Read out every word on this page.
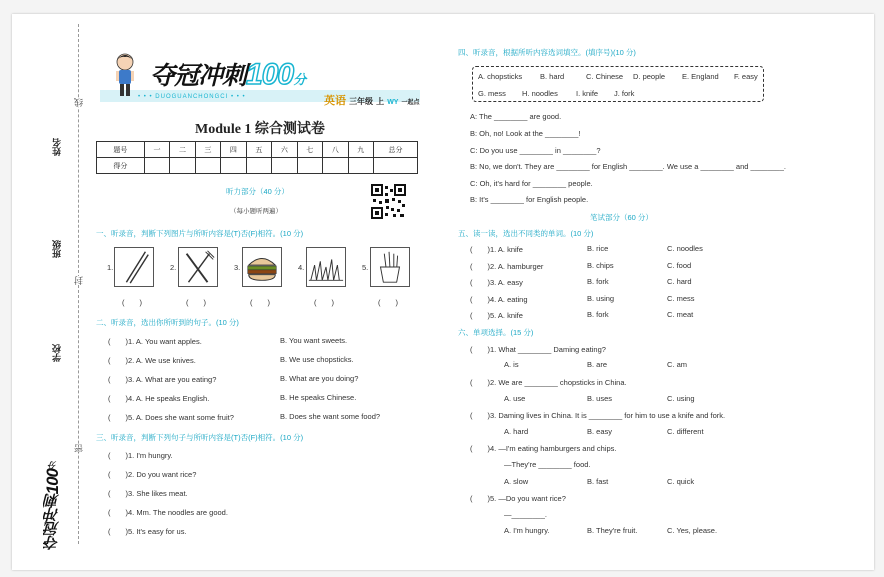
姓名
班级
学校
线
封
密
夺冠冲刺100分
夺冠冲刺100分
• • • DUOGUANCHONGCI • • •	英语 三年级 上 WY 一起点
Module 1 综合测试卷
题号	一	二	三	四	五	六	七	八	九	总分
得分										
听力部分（40 分）
（每小题听两遍）
一、听录音，判断下列图片与所听内容是(T)否(F)相符。(10 分)
1.	2.	3.	4.	5.
(　　)	(　　)	(　　)	(　　)	(　　)
二、听录音，选出你所听到的句子。(10 分)
(　　)1. A. You want apples.	B. You want sweets.
(　　)2. A. We use knives.	B. We use chopsticks.
(　　)3. A. What are you eating?	B. What are you doing?
(　　)4. A. He speaks English.	B. He speaks Chinese.
(　　)5. A. Does she want some fruit?	B. Does she want some food?
三、听录音，判断下列句子与所听内容是(T)否(F)相符。(10 分)
(　　)1. I'm hungry.
(　　)2. Do you want rice?
(　　)3. She likes meat.
(　　)4. Mm. The noodles are good.
(　　)5. It's easy for us.
四、听录音，根据所听内容选词填空。(填序号)(10 分)
A. chopsticks B. hard	C. Chinese D. people E. England F. easy
G. mess H. noodles I. knife J. fork
A: The ________ are good.
B: Oh, no! Look at the ________!
C: Do you use ________ in ________?
B: No, we don't. They are ________ for English ________. We use a ________ and ________.
C: Oh, it's hard for ________ people.
B: It's ________ for English people.
笔试部分（60 分）
五、读一读，选出不同类的单词。(10 分)
(　　)1. A. knife	B. rice	C. noodles
(　　)2. A. hamburger	B. chips	C. food
(　　)3. A. easy	B. fork	C. hard
(　　)4. A. eating	B. using	C. mess
(　　)5. A. knife	B. fork	C. meat
六、单项选择。(15 分)
(　　)1. What ________ Daming eating?
A. is	B. are	C. am
(　　)2. We are ________ chopsticks in China.
A. use	B. uses	C. using
(　　)3. Daming lives in China. It is ________ for him to use a knife and fork.
A. hard	B. easy	C. different
(　　)4. —I'm eating hamburgers and chips.
—They're ________ food.
A. slow	B. fast	C. quick
(　　)5. —Do you want rice?
—________.
A. I'm hungry.	B. They're fruit.	C. Yes, please.
